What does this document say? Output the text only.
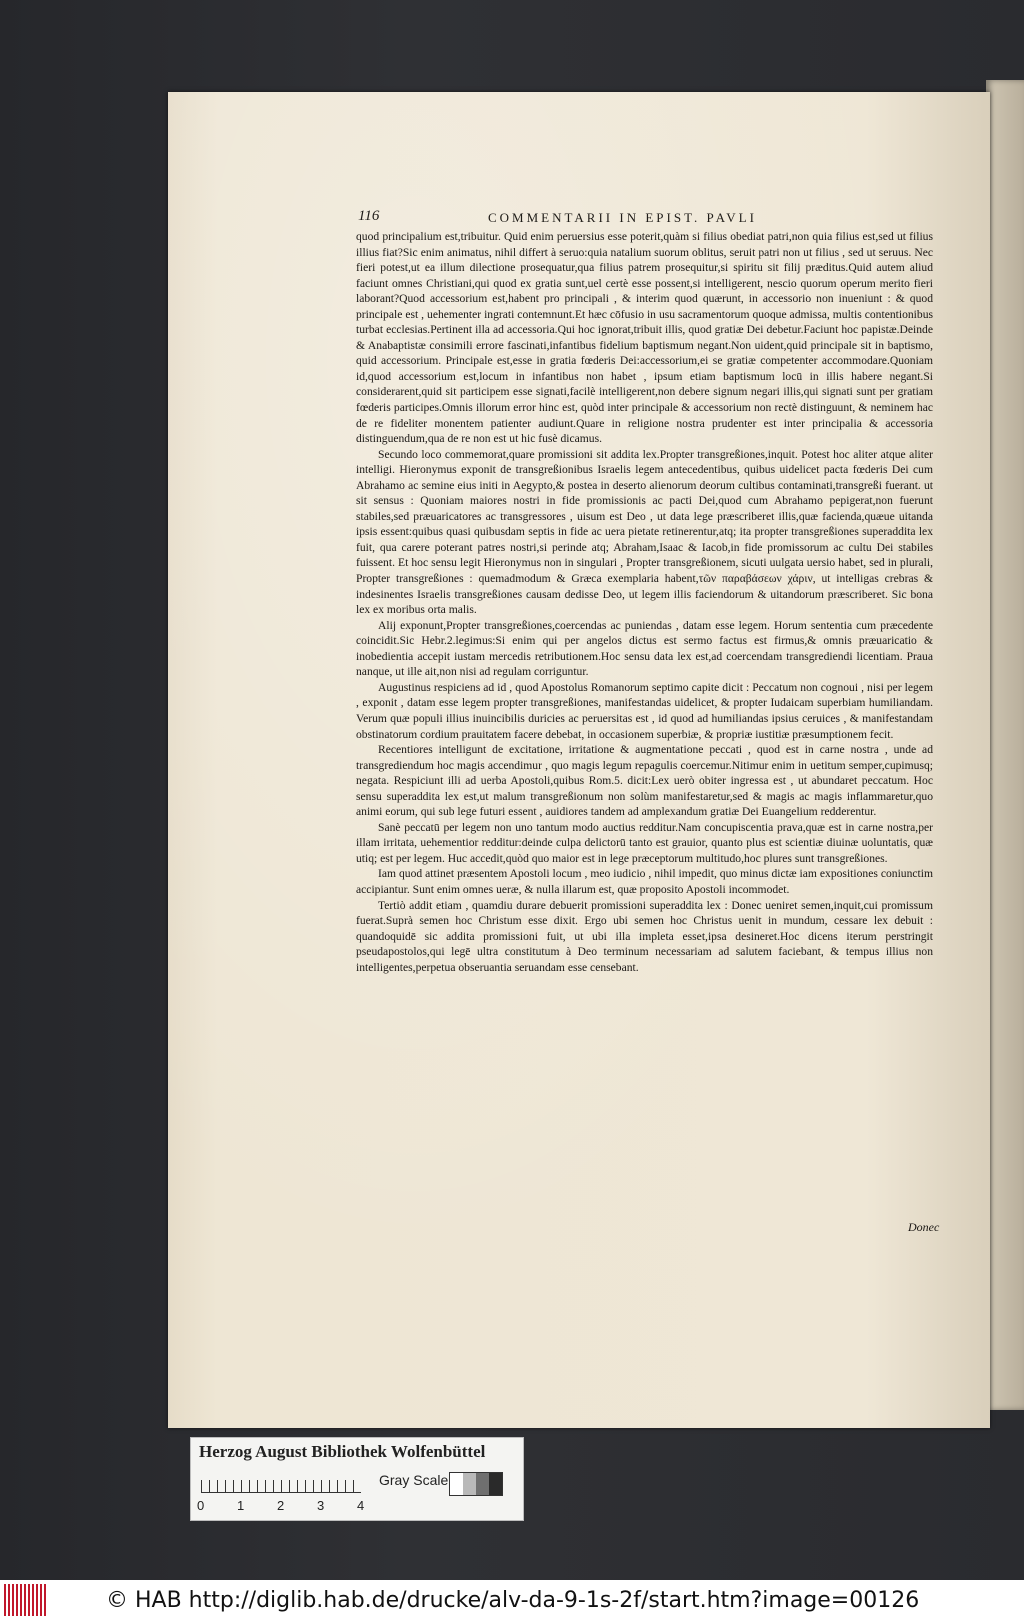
116	COMMENTARII IN EPIST. PAVLI

quod principalium est,tribuitur. Quid enim peruersius esse poterit,quàm si filius obediat patri,non quia filius est,sed ut filius illius fiat?Sic enim animatus, nihil differt à seruo:quia natalium suorum oblitus, seruit patri non ut filius , sed ut seruus. Nec fieri potest,ut ea illum dilectione prosequatur,qua filius patrem prosequitur,si spiritu sit filij præditus.Quid autem aliud faciunt omnes Christiani,qui quod ex gratia sunt,uel certè esse possent,si intelligerent, nescio quorum operum merito fieri laborant?Quod accessorium est,habent pro principali , & interim quod quærunt, in accessorio non inueniunt : & quod principale est , uehementer ingrati contemnunt.Et hæc cōfusio in usu sacramentorum quoque admissa, multis contentionibus turbat ecclesias.Pertinent illa ad accessoria.Qui hoc ignorat,tribuit illis, quod gratiæ Dei debetur.Faciunt hoc papistæ.Deinde & Anabaptistæ consimili errore fascinati,infantibus fidelium baptismum negant.Non uident,quid principale sit in baptismo, quid accessorium. Principale est,esse in gratia fœderis Dei:accessorium,ei se gratiæ competenter accommodare.Quoniam id,quod accessorium est,locum in infantibus non habet , ipsum etiam baptismum locū in illis habere negant.Si considerarent,quid sit participem esse signati,facilè intelligerent,non debere signum negari illis,qui signati sunt per gratiam fœderis participes.Omnis illorum error hinc est, quòd inter principale & accessorium non rectè distinguunt, & neminem hac de re fideliter monentem patienter audiunt.Quare in religione nostra prudenter est inter principalia & accessoria distinguendum,qua de re non est ut hic fusè dicamus.

Secundo loco commemorat,quare promissioni sit addita lex.Propter transgreßiones,inquit. Potest hoc aliter atque aliter intelligi. Hieronymus exponit de transgreßionibus Israelis legem antecedentibus, quibus uidelicet pacta fœderis Dei cum Abrahamo ac semine eius initi in Aegypto,& postea in deserto alienorum deorum cultibus contaminati,transgreßi fuerant. ut sit sensus : Quoniam maiores nostri in fide promissionis ac pacti Dei,quod cum Abrahamo pepigerat,non fuerunt stabiles,sed præuaricatores ac transgressores , uisum est Deo , ut data lege præscriberet illis,quæ facienda,quæue uitanda ipsis essent:quibus quasi quibusdam septis in fide ac uera pietate retinerentur,atq; ita propter transgreßiones superaddita lex fuit, qua carere poterant patres nostri,si perinde atq; Abraham,Isaac & Iacob,in fide promissorum ac cultu Dei stabiles fuissent. Et hoc sensu legit Hieronymus non in singulari , Propter transgreßionem, sicuti uulgata uersio habet, sed in plurali, Propter transgreßiones : quemadmodum & Græca exemplaria habent,τῶν παραβάσεων χάριν, ut intelligas crebras & indesinentes Israelis transgreßiones causam dedisse Deo, ut legem illis faciendorum & uitandorum præscriberet. Sic bona lex ex moribus orta malis.

Alij exponunt,Propter transgreßiones,coercendas ac puniendas , datam esse legem. Horum sententia cum præcedente coincidit.Sic Hebr.2.legimus:Si enim qui per angelos dictus est sermo factus est firmus,& omnis præuaricatio & inobedientia accepit iustam mercedis retributionem.Hoc sensu data lex est,ad coercendam transgrediendi licentiam. Praua nanque, ut ille ait,non nisi ad regulam corriguntur.

Augustinus respiciens ad id , quod Apostolus Romanorum septimo capite dicit : Peccatum non cognoui , nisi per legem , exponit , datam esse legem propter transgreßiones, manifestandas uidelicet, & propter Iudaicam superbiam humiliandam. Verum quæ populi illius inuincibilis duricies ac peruersitas est , id quod ad humiliandas ipsius ceruices , & manifestandam obstinatorum cordium prauitatem facere debebat, in occasionem superbiæ, & propriæ iustitiæ præsumptionem fecit.

Recentiores intelligunt de excitatione, irritatione & augmentatione peccati , quod est in carne nostra , unde ad transgrediendum hoc magis accendimur , quo magis legum repagulis coercemur.Nitimur enim in uetitum semper,cupimusq; negata. Respiciunt illi ad uerba Apostoli,quibus Rom.5. dicit:Lex uerò obiter ingressa est , ut abundaret peccatum. Hoc sensu superaddita lex est,ut malum transgreßionum non solùm manifestaretur,sed & magis ac magis inflammaretur,quo animi eorum, qui sub lege futuri essent , auidiores tandem ad amplexandum gratiæ Dei Euangelium redderentur.

Sanè peccatū per legem non uno tantum modo auctius redditur.Nam concupiscentia prava,quæ est in carne nostra,per illam irritata, uehementior redditur:deinde culpa delictorū tanto est grauior, quanto plus est scientiæ diuinæ uoluntatis, quæ utiq; est per legem. Huc accedit,quòd quo maior est in lege præceptorum multitudo,hoc plures sunt transgreßiones.

Iam quod attinet præsentem Apostoli locum , meo iudicio , nihil impedit, quo minus dictæ iam expositiones coniunctim accipiantur. Sunt enim omnes ueræ, & nulla illarum est, quæ proposito Apostoli incommodet.

Tertiò addit etiam , quamdiu durare debuerit promissioni superaddita lex : Donec ueniret semen,inquit,cui promissum fuerat.Suprà semen hoc Christum esse dixit. Ergo ubi semen hoc Christus uenit in mundum, cessare lex debuit : quandoquidē sic addita promissioni fuit, ut ubi illa impleta esset,ipsa desineret.Hoc dicens iterum perstringit pseudapostolos,qui legē ultra constitutum à Deo terminum necessariam ad salutem faciebant, & tempus illius non intelligentes,perpetua obseruantia seruandam esse censebant.

Donec
Herzog August Bibliothek Wolfenbüttel
0	1	2	3	4
Gray Scale
© HAB http://diglib.hab.de/drucke/alv-da-9-1s-2f/start.htm?image=00126
